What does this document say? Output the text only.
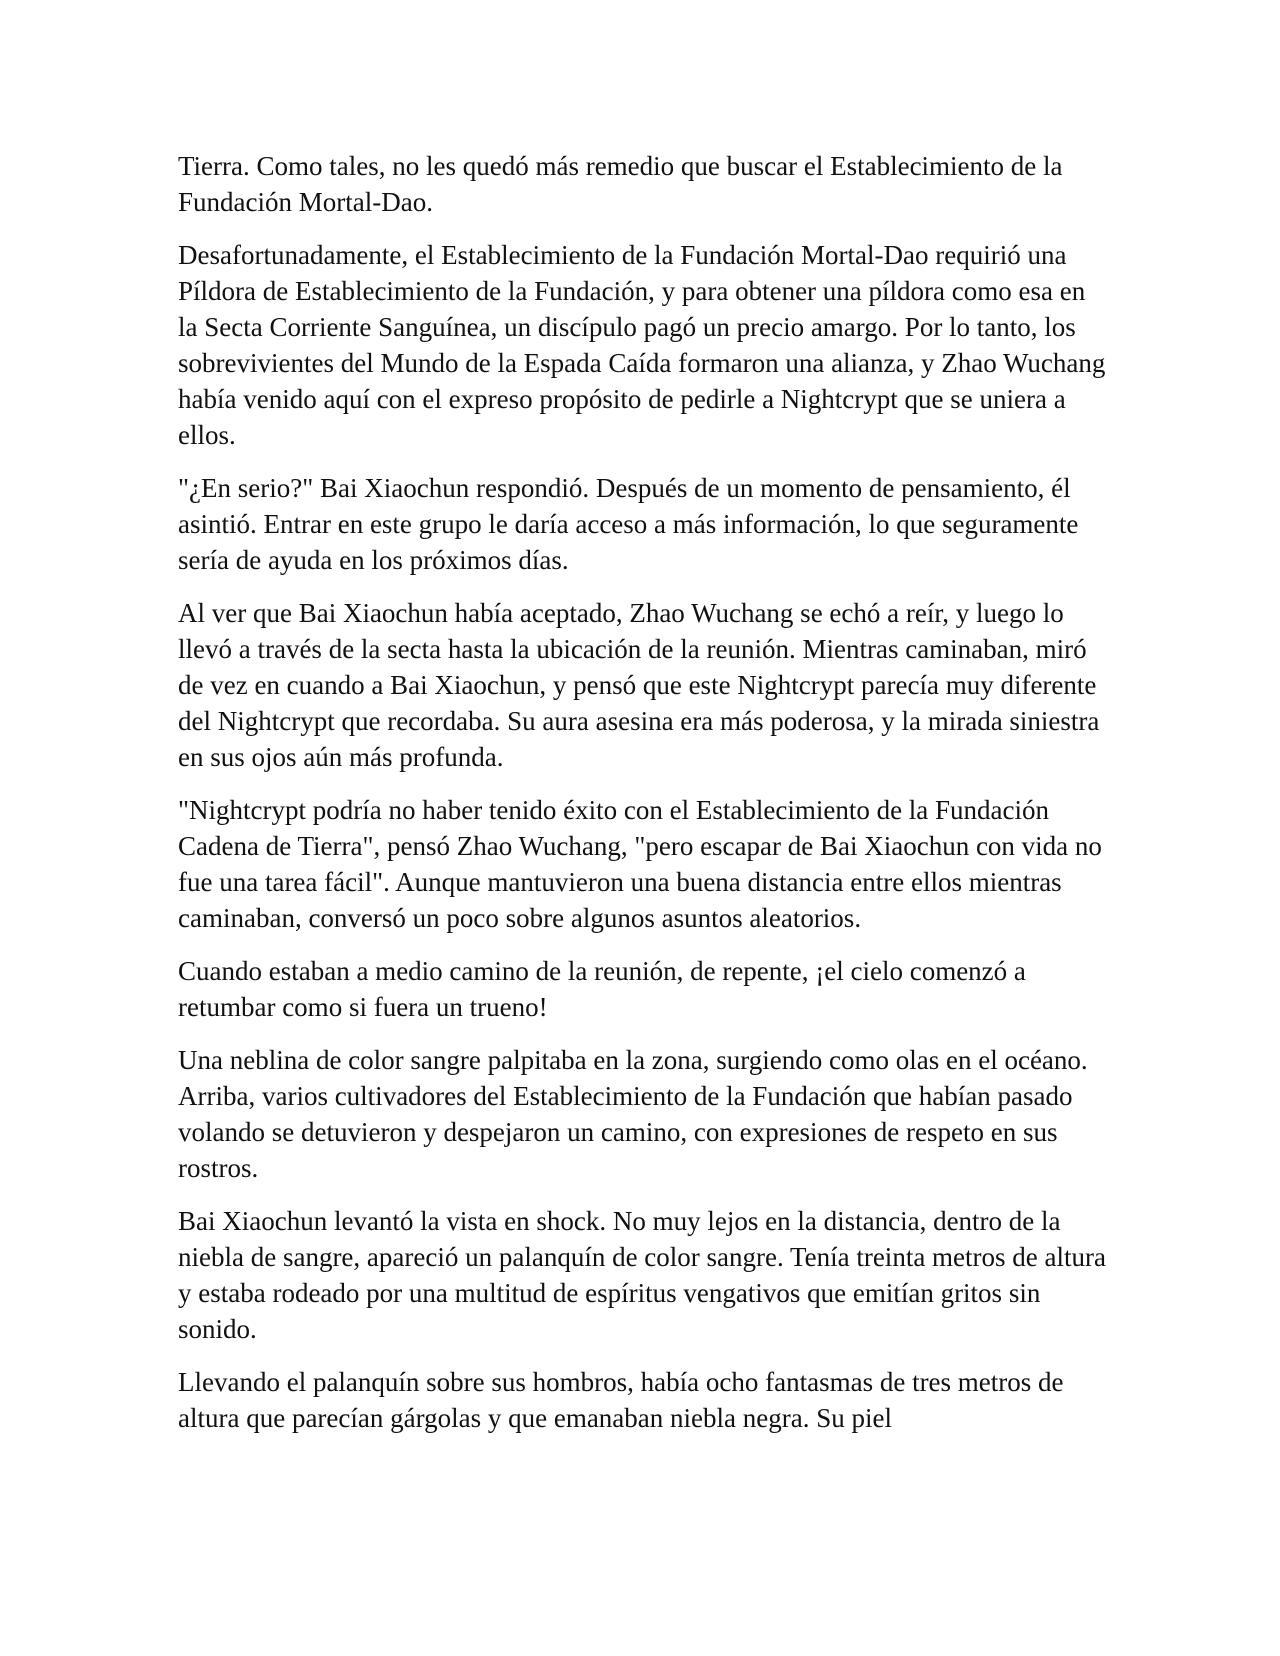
Tierra. Como tales, no les quedó más remedio que buscar el Establecimiento de la Fundación Mortal-Dao.

Desafortunadamente, el Establecimiento de la Fundación Mortal-Dao requirió una Píldora de Establecimiento de la Fundación, y para obtener una píldora como esa en la Secta Corriente Sanguínea, un discípulo pagó un precio amargo. Por lo tanto, los sobrevivientes del Mundo de la Espada Caída formaron una alianza, y Zhao Wuchang había venido aquí con el expreso propósito de pedirle a Nightcrypt que se uniera a ellos.

"¿En serio?" Bai Xiaochun respondió. Después de un momento de pensamiento, él asintió. Entrar en este grupo le daría acceso a más información, lo que seguramente sería de ayuda en los próximos días.

Al ver que Bai Xiaochun había aceptado, Zhao Wuchang se echó a reír, y luego lo llevó a través de la secta hasta la ubicación de la reunión. Mientras caminaban, miró de vez en cuando a Bai Xiaochun, y pensó que este Nightcrypt parecía muy diferente del Nightcrypt que recordaba. Su aura asesina era más poderosa, y la mirada siniestra en sus ojos aún más profunda.

"Nightcrypt podría no haber tenido éxito con el Establecimiento de la Fundación Cadena de Tierra", pensó Zhao Wuchang, "pero escapar de Bai Xiaochun con vida no fue una tarea fácil". Aunque mantuvieron una buena distancia entre ellos mientras caminaban, conversó un poco sobre algunos asuntos aleatorios.

Cuando estaban a medio camino de la reunión, de repente, ¡el cielo comenzó a retumbar como si fuera un trueno!

Una neblina de color sangre palpitaba en la zona, surgiendo como olas en el océano. Arriba, varios cultivadores del Establecimiento de la Fundación que habían pasado volando se detuvieron y despejaron un camino, con expresiones de respeto en sus rostros.

Bai Xiaochun levantó la vista en shock. No muy lejos en la distancia, dentro de la niebla de sangre, apareció un palanquín de color sangre. Tenía treinta metros de altura y estaba rodeado por una multitud de espíritus vengativos que emitían gritos sin sonido.

Llevando el palanquín sobre sus hombros, había ocho fantasmas de tres metros de altura que parecían gárgolas y que emanaban niebla negra. Su piel
